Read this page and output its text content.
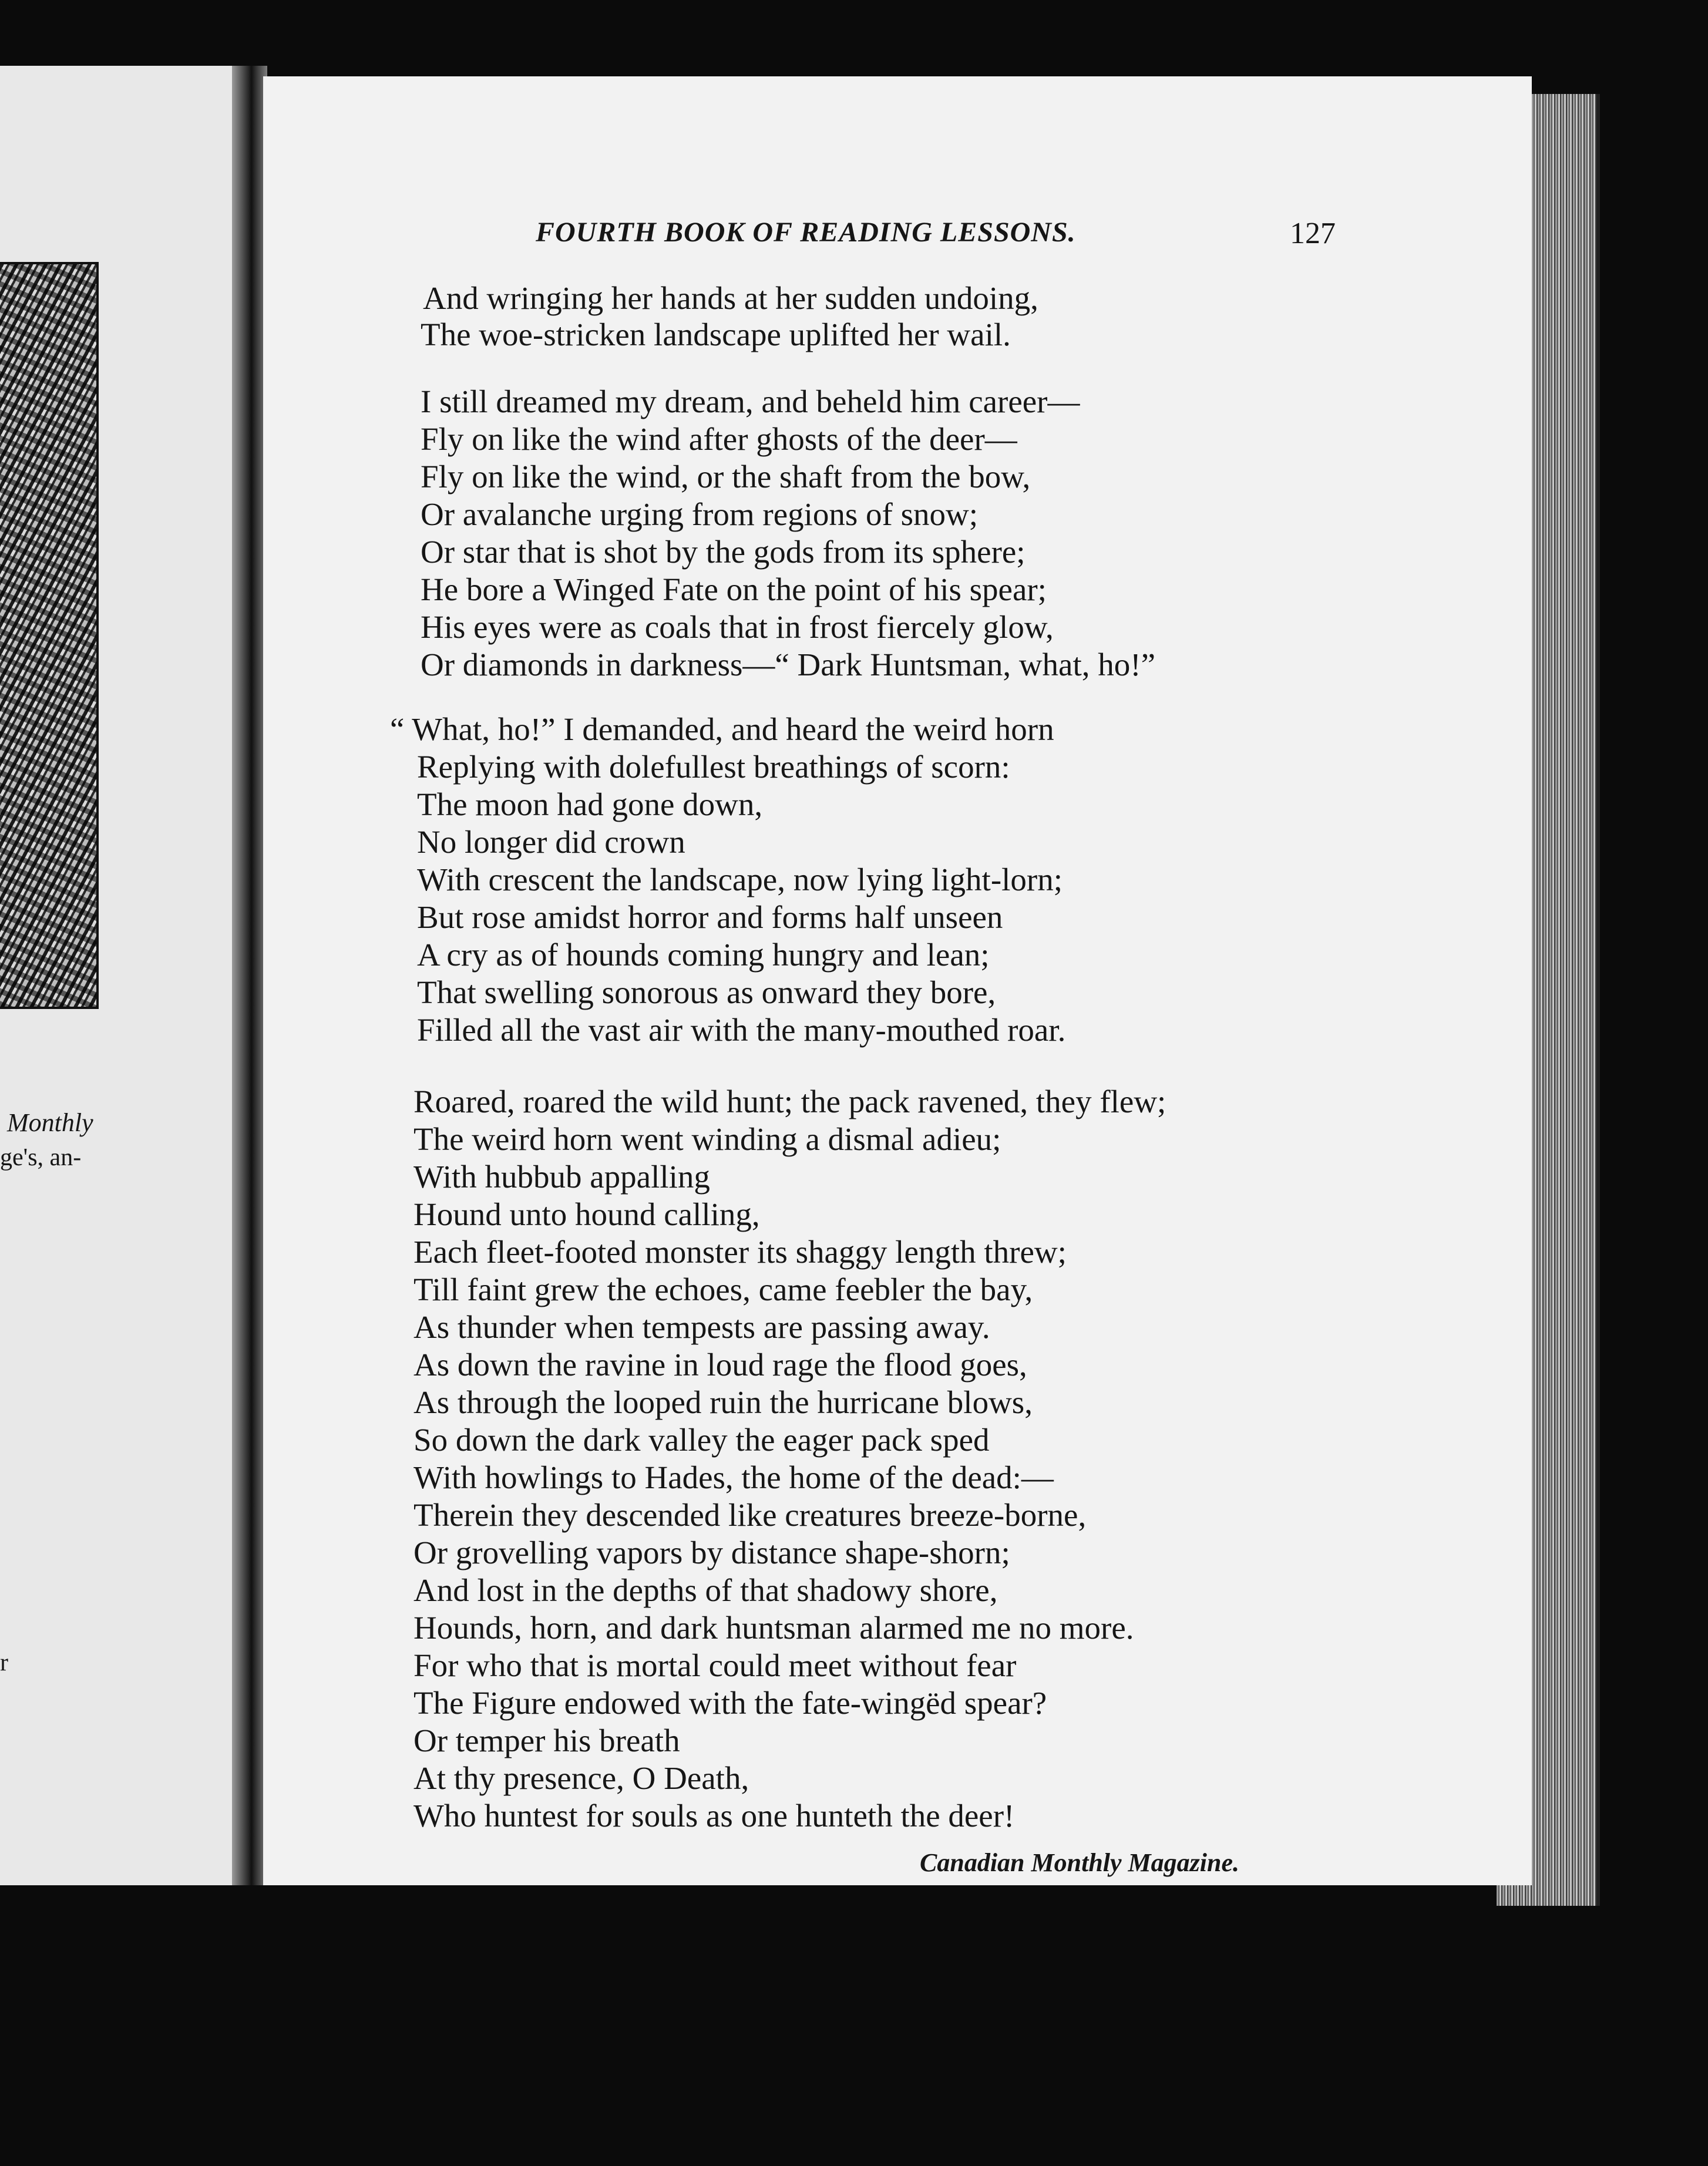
Monthly
ge's, an-
r
FOURTH BOOK OF READING LESSONS.	127
And wringing her hands at her sudden undoing,
The woe-stricken landscape uplifted her wail.
I still dreamed my dream, and beheld him career—
Fly on like the wind after ghosts of the deer—
Fly on like the wind, or the shaft from the bow,
Or avalanche urging from regions of snow;
Or star that is shot by the gods from its sphere;
He bore a Winged Fate on the point of his spear;
His eyes were as coals that in frost fiercely glow,
Or diamonds in darkness—“ Dark Huntsman, what, ho!”
“ What, ho!” I demanded, and heard the weird horn
Replying with dolefullest breathings of scorn:
The moon had gone down,
No longer did crown
With crescent the landscape, now lying light-lorn;
But rose amidst horror and forms half unseen
A cry as of hounds coming hungry and lean;
That swelling sonorous as onward they bore,
Filled all the vast air with the many-mouthed roar.
Roared, roared the wild hunt; the pack ravened, they flew;
The weird horn went winding a dismal adieu;
With hubbub appalling
Hound unto hound calling,
Each fleet-footed monster its shaggy length threw;
Till faint grew the echoes, came feebler the bay,
As thunder when tempests are passing away.
As down the ravine in loud rage the flood goes,
As through the looped ruin the hurricane blows,
So down the dark valley the eager pack sped
With howlings to Hades, the home of the dead:—
Therein they descended like creatures breeze-borne,
Or grovelling vapors by distance shape-shorn;
And lost in the depths of that shadowy shore,
Hounds, horn, and dark huntsman alarmed me no more.
For who that is mortal could meet without fear
The Figure endowed with the fate-wingëd spear?
Or temper his breath
At thy presence, O Death,
Who huntest for souls as one hunteth the deer!
Canadian Monthly Magazine.
